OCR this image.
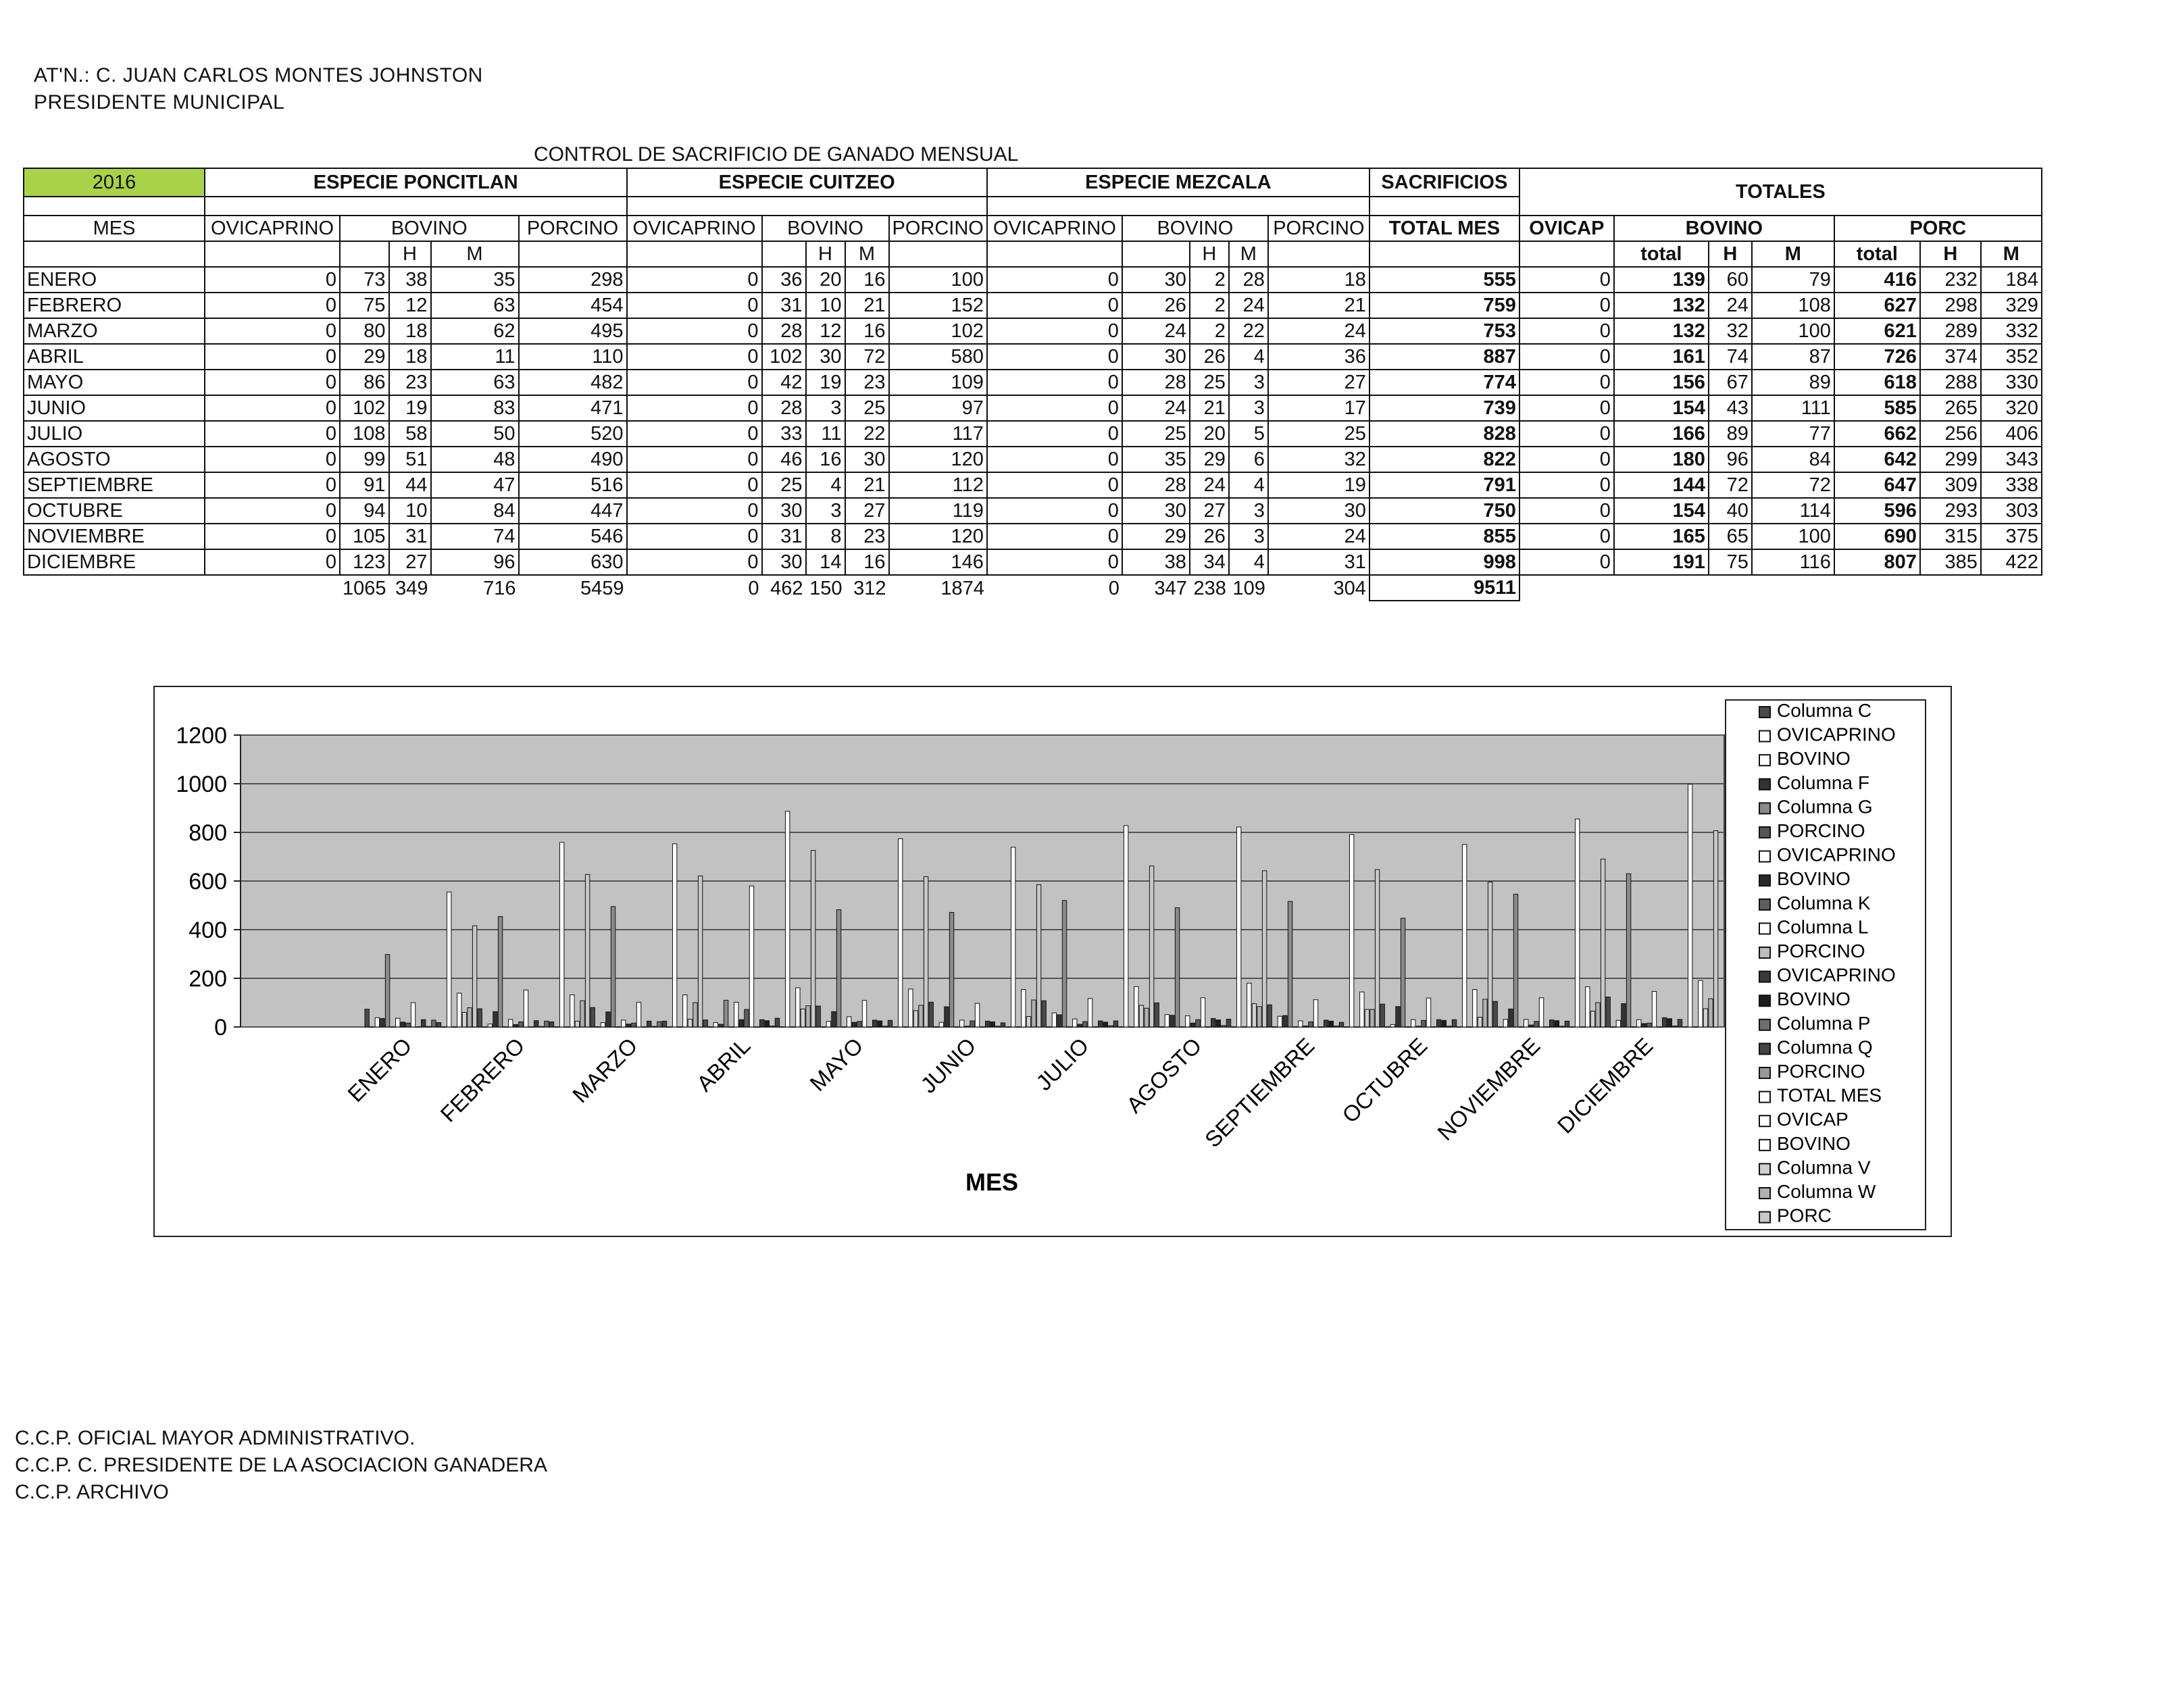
AT'N.: C. JUAN CARLOS MONTES JOHNSTON
PRESIDENTE MUNICIPAL
CONTROL DE SACRIFICIO DE GANADO MENSUAL
2016	ESPECIE PONCITLAN					ESPECIE CUITZEO					ESPECIE MEZCALA					SACRIFICIOS	TOTALES						

MES	OVICAPRINO	BOVINO			PORCINO	OVICAPRINO	BOVINO			PORCINO	OVICAPRINO	BOVINO			PORCINO	TOTAL MES	OVICAP	BOVINO			PORC		
			H	M				H	M				H	M				total	H	M	total	H	M
ENERO	0	73	38	35	298	0	36	20	16	100	0	30	2	28	18	555	0	139	60	79	416	232	184
FEBRERO	0	75	12	63	454	0	31	10	21	152	0	26	2	24	21	759	0	132	24	108	627	298	329
MARZO	0	80	18	62	495	0	28	12	16	102	0	24	2	22	24	753	0	132	32	100	621	289	332
ABRIL	0	29	18	11	110	0	102	30	72	580	0	30	26	4	36	887	0	161	74	87	726	374	352
MAYO	0	86	23	63	482	0	42	19	23	109	0	28	25	3	27	774	0	156	67	89	618	288	330
JUNIO	0	102	19	83	471	0	28	3	25	97	0	24	21	3	17	739	0	154	43	111	585	265	320
JULIO	0	108	58	50	520	0	33	11	22	117	0	25	20	5	25	828	0	166	89	77	662	256	406
AGOSTO	0	99	51	48	490	0	46	16	30	120	0	35	29	6	32	822	0	180	96	84	642	299	343
SEPTIEMBRE	0	91	44	47	516	0	25	4	21	112	0	28	24	4	19	791	0	144	72	72	647	309	338
OCTUBRE	0	94	10	84	447	0	30	3	27	119	0	30	27	3	30	750	0	154	40	114	596	293	303
NOVIEMBRE	0	105	31	74	546	0	31	8	23	120	0	29	26	3	24	855	0	165	65	100	690	315	375
DICIEMBRE	0	123	27	96	630	0	30	14	16	146	0	38	34	4	31	998	0	191	75	116	807	385	422
		1065	349	716	5459	0	462	150	312	1874	0	347	238	109	304	9511							
0
200
400
600
800
1000
1200
ENERO FEBRERO MARZO ABRIL MAYO JUNIO JULIO AGOSTO
SEPTIEMBRE OCTUBRE NOVIEMBRE DICIEMBRE
MES
Columna C
OVICAPRINO
BOVINO
Columna F
Columna G
PORCINO
OVICAPRINO
BOVINO
Columna K
Columna L
PORCINO
OVICAPRINO
BOVINO
Columna P
Columna Q
PORCINO
TOTAL MES
OVICAP
BOVINO
Columna V
Columna W
PORC
C.C.P. OFICIAL MAYOR ADMINISTRATIVO.
C.C.P. C. PRESIDENTE DE LA ASOCIACION GANADERA
C.C.P. ARCHIVO
